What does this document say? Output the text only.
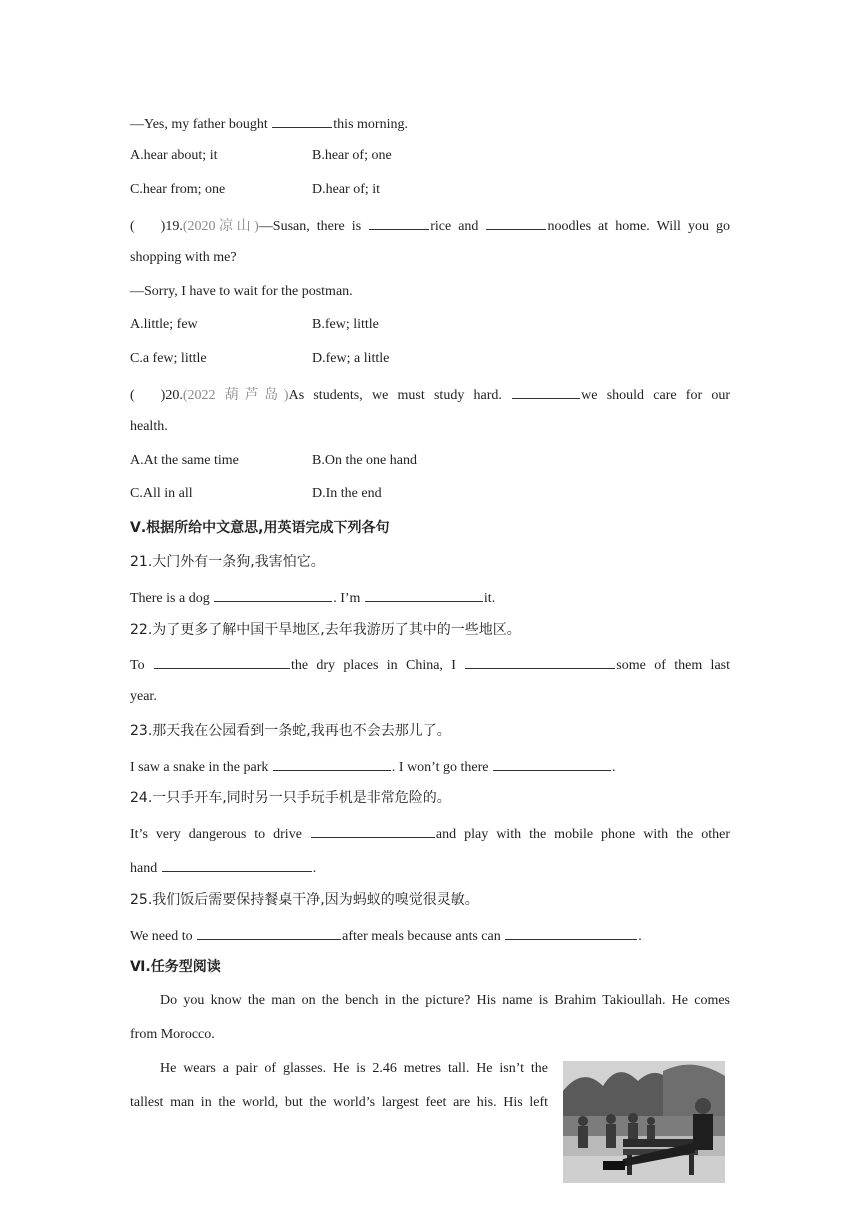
—Yes, my father bought	this morning.
A.hear about; it	B.hear of; one
C.hear from; one	D.hear of; it
( )19.(2020凉山)—Susan, there is	rice and	noodles at home. Will you go
shopping with me?
—Sorry, I have to wait for the postman.
A.little; few	B.few; little
C.a few; little	D.few; a little
( )20.(2022 葫芦岛)As students, we must study hard.	we should care for our
health.
A.At the same time	B.On the one hand
C.All in all	D.In the end
Ⅴ.根据所给中文意思,用英语完成下列各句
21.大门外有一条狗,我害怕它。
There is a dog	. I’m	it.
22.为了更多了解中国干旱地区,去年我游历了其中的一些地区。
To	the dry places in China, I	some of them last
year.
23.那天我在公园看到一条蛇,我再也不会去那儿了。
I saw a snake in the park	. I won’t go there	.
24.一只手开车,同时另一只手玩手机是非常危险的。
It’s very dangerous to drive	and play with the mobile phone with the other
hand	.
25.我们饭后需要保持餐桌干净,因为蚂蚁的嗅觉很灵敏。
We need to	after meals because ants can	.
Ⅵ.任务型阅读
Do you know the man on the bench in the picture? His name is Brahim Takioullah. He comes
from Morocco.
He wears a pair of glasses. He is 2.46 metres tall. He isn’t the
tallest man in the world, but the world’s largest feet are his. His left
